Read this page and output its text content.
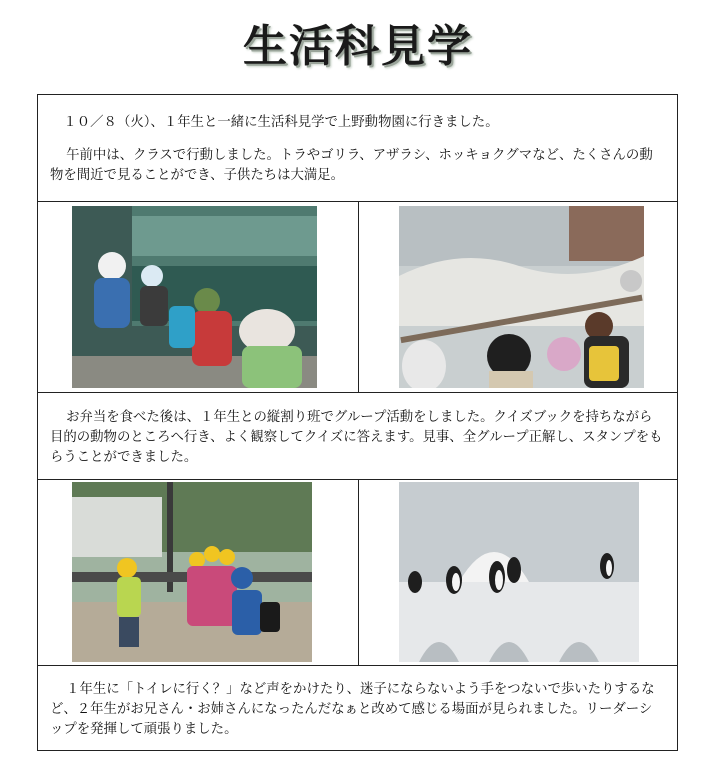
生活科見学

１０／８（火）、１年生と一緒に生活科見学で上野動物園に行きました。

午前中は、クラスで行動しました。トラやゴリラ、アザラシ、ホッキョクグマなど、たくさんの動物を間近で見ることができ、子供たちは大満足。

お弁当を食べた後は、１年生との縦割り班でグループ活動をしました。クイズブックを持ちながら目的の動物のところへ行き、よく観察してクイズに答えます。見事、全グループ正解し、スタンプをもらうことができました。

１年生に「トイレに行く？」など声をかけたり、迷子にならないよう手をつないで歩いたりするなど、２年生がお兄さん・お姉さんになったんだなぁと改めて感じる場面が見られました。リーダーシップを発揮して頑張りました。
